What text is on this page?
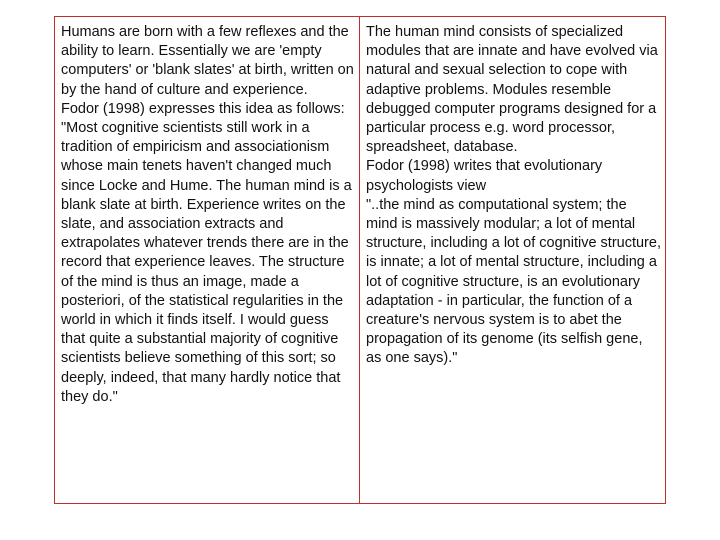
Humans are born with a few reflexes and the ability to learn. Essentially we are 'empty computers' or 'blank slates' at birth, written on by the hand of culture and experience.
Fodor (1998) expresses this idea as follows:
"Most cognitive scientists still work in a tradition of empiricism and associationism whose main tenets haven't changed much since Locke and Hume. The human mind is a blank slate at birth. Experience writes on the slate, and association extracts and extrapolates whatever trends there are in the record that experience leaves. The structure of the mind is thus an image, made a posteriori, of the statistical regularities in the world in which it finds itself. I would guess that quite a substantial majority of cognitive scientists believe something of this sort; so deeply, indeed, that many hardly notice that they do."
The human mind consists of specialized modules that are innate and have evolved via natural and sexual selection to cope with adaptive problems. Modules resemble debugged computer programs designed for a particular process e.g. word processor, spreadsheet, database.
Fodor (1998) writes that evolutionary psychologists view
"..the mind as computational system; the mind is massively modular; a lot of mental structure, including a lot of cognitive structure, is innate; a lot of mental structure, including a lot of cognitive structure, is an evolutionary adaptation - in particular, the function of a creature's nervous system is to abet the propagation of its genome (its selfish gene, as one says)."
